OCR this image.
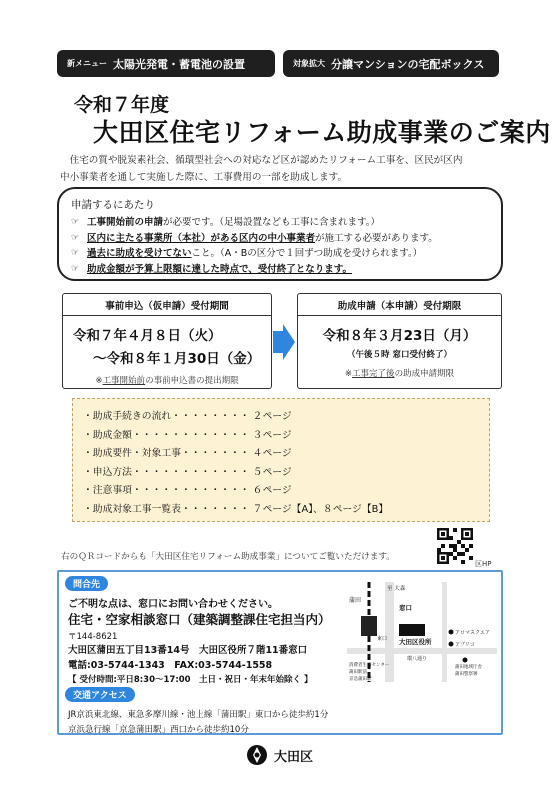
新メニュー 太陽光発電・蓄電池の設置	対象拡大 分譲マンションの宅配ボックス
令和７年度
大田区住宅リフォーム助成事業のご案内

住宅の質や脱炭素社会、循環型社会への対応など区が認めたリフォーム工事を、区民が区内

中小事業者を通して実施した際に、工事費用の一部を助成します。
申請するにあたり
☞ 工事開始前の申請 が必要です。（足場設置なども工事に含まれます。）
☞ 区内に主たる事業所（本社）がある区内の中小事業者 が施工する必要があります。
☞ 過去に助成を受けてない こと。（A・Bの区分で１回ずつ助成を受けられます。）
☞ 助成金額が予算上限額に達した時点で、受付終了となります。
事前申込（仮申請）受付期間
令和７年４月８日（火）
～令和８年１月30日（金）
※工事開始前の事前申込書の提出期限
助成申請（本申請）受付期限
令和８年３月23日（月）
（午後５時 窓口受付終了）
※工事完了後の助成申請期限
・助成手続きの流れ・・・・・・・・ ２ページ
・助成金額・・・・・・・・・・・・ ３ページ
・助成要件・対象工事・・・・・・・ ４ページ
・申込方法・・・・・・・・・・・・ ５ページ
・注意事項・・・・・・・・・・・・ ６ページ
・助成対象工事一覧表・・・・・・・ ７ページ【A】、８ページ【B】
右のＱＲコードからも「大田区住宅リフォーム助成事業」についてご覧いただけます。
区HP
問合先
ご不明な点は、窓口にお問い合わせください。
住宅・空家相談窓口（建築調整課住宅担当内）
〒144-8621
大田区蒲田五丁目13番14号　大田区役所７階11番窓口
電話:03-5744-1343　FAX:03-5744-1558
【 受付時間:平日8:30～17:00　土日・祝日・年末年始除く 】
交通アクセス
JR京浜東北線、東急多摩川線・池上線「蒲田駅」東口から徒歩約1分
京浜急行線「京急蒲田駅」西口から徒歩約10分
至 大森
蒲田
窓口
大田区役所
アロマスクエア
アプリコ
東口
環八通り
消費者生活センター
蒲田駅前
京急蒲田駅
蒲田地域庁舎
蒲田警察署
大田区
